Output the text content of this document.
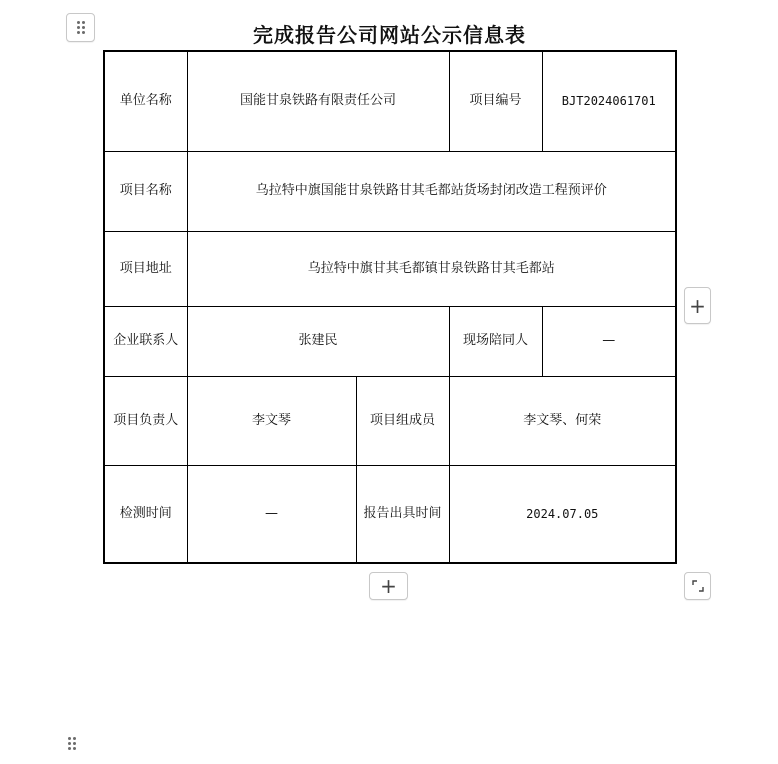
完成报告公司网站公示信息表
单位名称	国能甘泉铁路有限责任公司		项目编号	BJT2024061701
项目名称	乌拉特中旗国能甘泉铁路甘其毛都站货场封闭改造工程预评价			
项目地址	乌拉特中旗甘其毛都镇甘泉铁路甘其毛都站			
企业联系人	张建民		现场陪同人	—
项目负责人	李文琴	项目组成员	李文琴、何荣	
检测时间	—	报告出具时间	2024.07.05	
+
+
